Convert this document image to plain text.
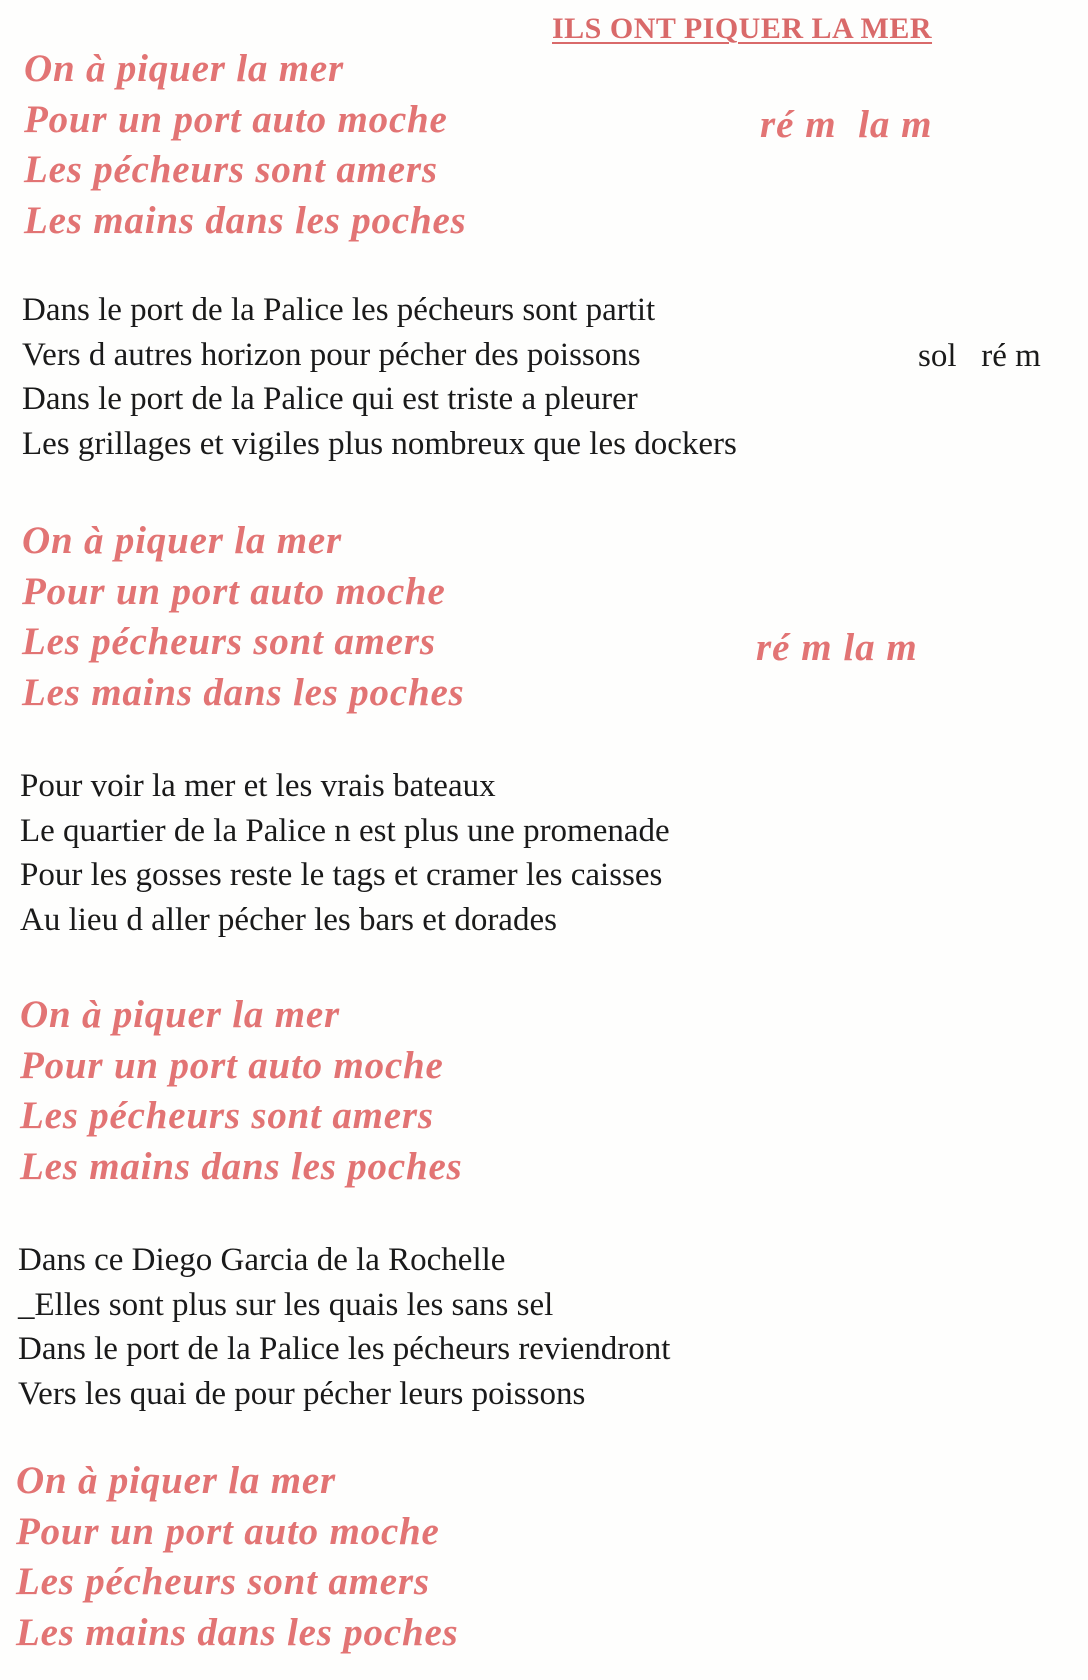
ILS ONT PIQUER LA MER
On à piquer la mer
Pour un port auto moche
Les pécheurs sont amers
Les mains dans les poches
ré m  la m
Dans le port de la Palice les pécheurs sont partit
Vers d autres horizon pour pécher des poissons
Dans le port de la Palice qui est triste a pleurer
Les grillages et vigiles plus nombreux que les dockers
sol   ré m
On à piquer la mer
Pour un port auto moche
Les pécheurs sont amers
Les mains dans les poches
ré m la m
Pour voir la mer et les vrais bateaux
Le quartier de la Palice n est plus une promenade
Pour les gosses reste le tags et cramer les caisses
Au lieu d aller pécher les bars et dorades
On à piquer la mer
Pour un port auto moche
Les pécheurs sont amers
Les mains dans les poches
Dans ce Diego Garcia de la Rochelle
_Elles sont plus sur les quais les sans sel
Dans le port de la Palice les pécheurs reviendront
Vers les quai de pour pécher leurs poissons
On à piquer la mer
Pour un port auto moche
Les pécheurs sont amers
Les mains dans les poches
